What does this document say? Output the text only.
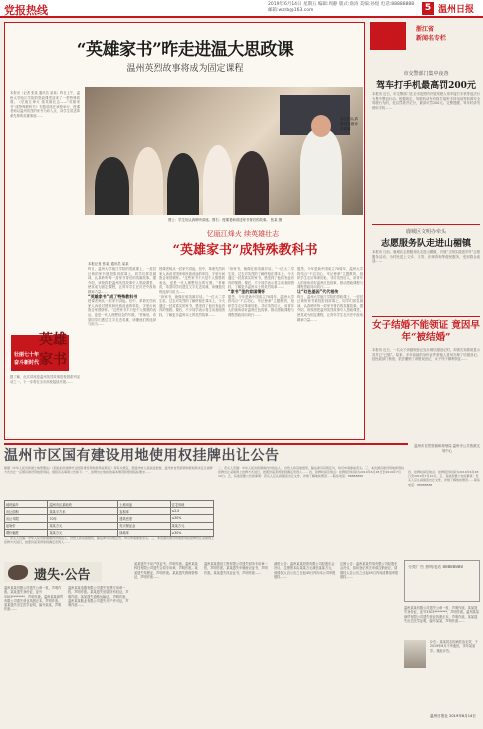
党报热线	2019年6月14日 星期五 编辑:周静 版式:俞涛 美编:孙煜 电话:88888888 邮箱:wzrb@163.com	5 温州日报
“英雄家书”昨走进温大思政课
温州英烈故事将成为固定课程
本报讯（记者 张某 通讯员 某某）昨日上午，温州大学瓯江学院的思政课堂迎来了一堂特殊的课。《忆瓯江烽火 续英雄壮志——“英雄家书”成特殊教科书》专题讲座在该校举行，授课老师以温州英烈的家书为切入点，向学生讲述革命先辈的英雄事迹……
学生们认真聆听英雄家书故事
图上：学生们认真聆听讲座。图右：授课老师讲述家书背后的故事。 张某 摄
忆瓯江烽火 续英雄壮志
“英雄家书”成特殊教科书
本报记者 张某 通讯员 某某
昨日，温州大学瓯江学院的思政课上，一封封泛黄的家书被投影到屏幕上，同学们屏息凝神，认真聆听每一封家书背后的英雄故事。据介绍，该校将把温州英烈故事引入思政课堂，使其成为固定课程，让青年学生在历史中汲取精神力量……
“英雄家书”成了特殊教科书
授课老师从一封家书讲起。信中，革命先烈向家人诉说对国家和民族前途的牵挂，字里行间饱含家国情怀。“这些家书不只是个人情感的表达，更是一代人理想信念的写照。”老师说，希望同学们透过文字走近英雄，读懂他们的选择与担当……
授课老师从一封家书讲起。信中，革命先烈向家人诉说对国家和民族前途的牵挂，字里行间饱含家国情怀。“这些家书不只是个人情感的表达，更是一代人理想信念的写照。”老师说，希望同学们透过文字走近英雄，读懂他们的选择与担当……
“读家书，就像在和英雄对话。”一位大二学生说，过去对英烈的了解停留在课本上，今天通过一封封真实的家书，感受到了他们有血有肉的情感。课后，不少同学表示将主动查阅资料，了解更多温州本土的英烈故事……
“读家书，就像在和英雄对话。”一位大二学生说，过去对英烈的了解停留在课本上，今天通过一封封真实的家书，感受到了他们有血有肉的情感。课后，不少同学表示将主动查阅资料，了解更多温州本土的英烈故事……
“家书”里的家国情怀
据悉，今年是新中国成立70周年，温州大学将结合“不忘初心、牢记使命”主题教育，组织学生走访革命旧址、寻访英烈后人，用青年人的视角讲好温州红色故事，推动思政课程与课程思政同向同行……
据悉，今年是新中国成立70周年，温州大学将结合“不忘初心、牢记使命”主题教育，组织学生走访革命旧址、寻访英烈后人，用青年人的视角讲好温州红色故事，推动思政课程与课程思政同向同行……
让“红色基因”代代相传
昨日，温州大学瓯江学院的思政课上，一封封泛黄的家书被投影到屏幕上，同学们屏息凝神，认真聆听每一封家书背后的英雄故事。据介绍，该校将把温州英烈故事引入思政课堂，使其成为固定课程，让青年学生在历史中汲取精神力量……
英雄家书
壮丽七十年
奋斗新时代
据了解，此次讲座是温州英烈故事进校园系列活动之一，下一步将在全市高校陆续开展……
浙江省
新闻名专栏
市交警部门集中夜查
驾车打手机最高罚200元
本报讯 近日，市交警部门在全市范围内开展驾驶人驾车接打手机等违法行为集中整治行动。根据规定，驾驶机动车有拨打接听手持电话等妨碍安全驾驶行为的，处以罚款并记分，最高可罚200元。交警提醒，驾车时请勿使用手机……
鹿城区文明办牵头
志愿服务队走进山楣镇
本报讯 日前，鹿城区志愿服务队走进山楣镇，开展“文明实践进乡村”志愿服务活动，为村民送上义诊、义剪、法律咨询等便民服务，受到群众欢迎……
女子结婚不能领证 竟因早年“被结婚”
本报讯 近日，一名女子到婚姻登记处办理结婚登记时，却被告知系统显示其早已“已婚”。原来，多年前她的身份证件被他人冒用办理了结婚登记。经民政部门核查，依法撤销了该错误登记，女子终于顺利领证……
温州市区国有建设用地使用权挂牌出让公告
温州市自然资源和规划局 温州市公共资源交易中心
根据《中华人民共和国土地管理法》《招标拍卖挂牌出让国有建设用地使用权规定》等有关规定，经温州市人民政府批准，温州市自然资源和规划局决定以挂牌方式出让一宗国有建设用地使用权。现将有关事项公告如下：一、挂牌出让地块的基本情况和规划指标要求……
地块编号	温州市区某地块	土地用途	住宅用地
出让面积	某某平方米	容积率	≤2.0
出让年限	70年	建筑密度	≤30%
起始价	某某万元	竞买保证金	某某万元
增价幅度	某某万元	绿地率	≥30%
二、竞买人范围：中华人民共和国境内外的法人、自然人和其他组织，除法律另有规定外，均可申请参加竞买。三、本次国有建设用地使用权挂牌出让采取网上挂牌方式进行，按照价高者得原则确定竞得人……
二、竞买人范围：中华人民共和国境内外的法人、自然人和其他组织，除法律另有规定外，均可申请参加竞买。三、本次国有建设用地使用权挂牌出让采取网上挂牌方式进行，按照价高者得原则确定竞得人…… 四、挂牌时间及地点：挂牌报价时间为2019年6月28日至2019年7月10日。五、其他需要公告的事项：竞买人应认真阅读出让文件，详细了解地块情况……联系电话：88888888
四、挂牌时间及地点：挂牌报价时间为2019年6月28日至2019年7月10日。五、其他需要公告的事项：竞买人应认真阅读出让文件，详细了解地块情况……联系电话：88888888
遗失·公告
温州某某有限公司遗失公章一枚，声明作废。某某遗失身份证，证号3303********，声明作废。温州某某商贸有限公司遗失营业执照正本，声明作废。某某遗失出生医学证明，编号某某，声明作废……
温州某某电器有限公司遗失发票专用章一枚，声明作废。某某遗失房屋所有权证，声明作废。某某遗失道路运输证，声明作废。温州某某鞋业有限公司遗失开户许可证，声明作废……
某某遗失不动产权证书，声明作废。温州某某科技有限公司遗失合同专用章，声明作废。某某遗失驾驶证，声明作废。某某遗失教师资格证，声明作废……
温州某某建设工程有限公司遗失财务专用章一枚，声明作废。某某遗失车辆登记证书，声明作废。某某遗失执业证书，声明作废……
减资公告：温州某某投资有限公司经股东会决议，注册资本由某某万元减至某某万元，请债权人自公告之日起45日内向本公司申报债权……
注销公告：温州某某贸易有限公司经股东会决议，拟向登记机关申请注销登记，请债权人自公告之日起45日内向清算组申报债权……
分类广告 热线电话 88888888
温州某某有限公司遗失公章一枚，声明作废。某某遗失身份证，证号3303********，声明作废。温州某某商贸有限公司遗失营业执照正本，声明作废。某某遗失出生医学证明，编号某某，声明作废……
讣告：某某同志因病医治无效，于2019年6月不幸逝世，享年某某岁。谨此讣告。
温州日报社 2019年6月14日
